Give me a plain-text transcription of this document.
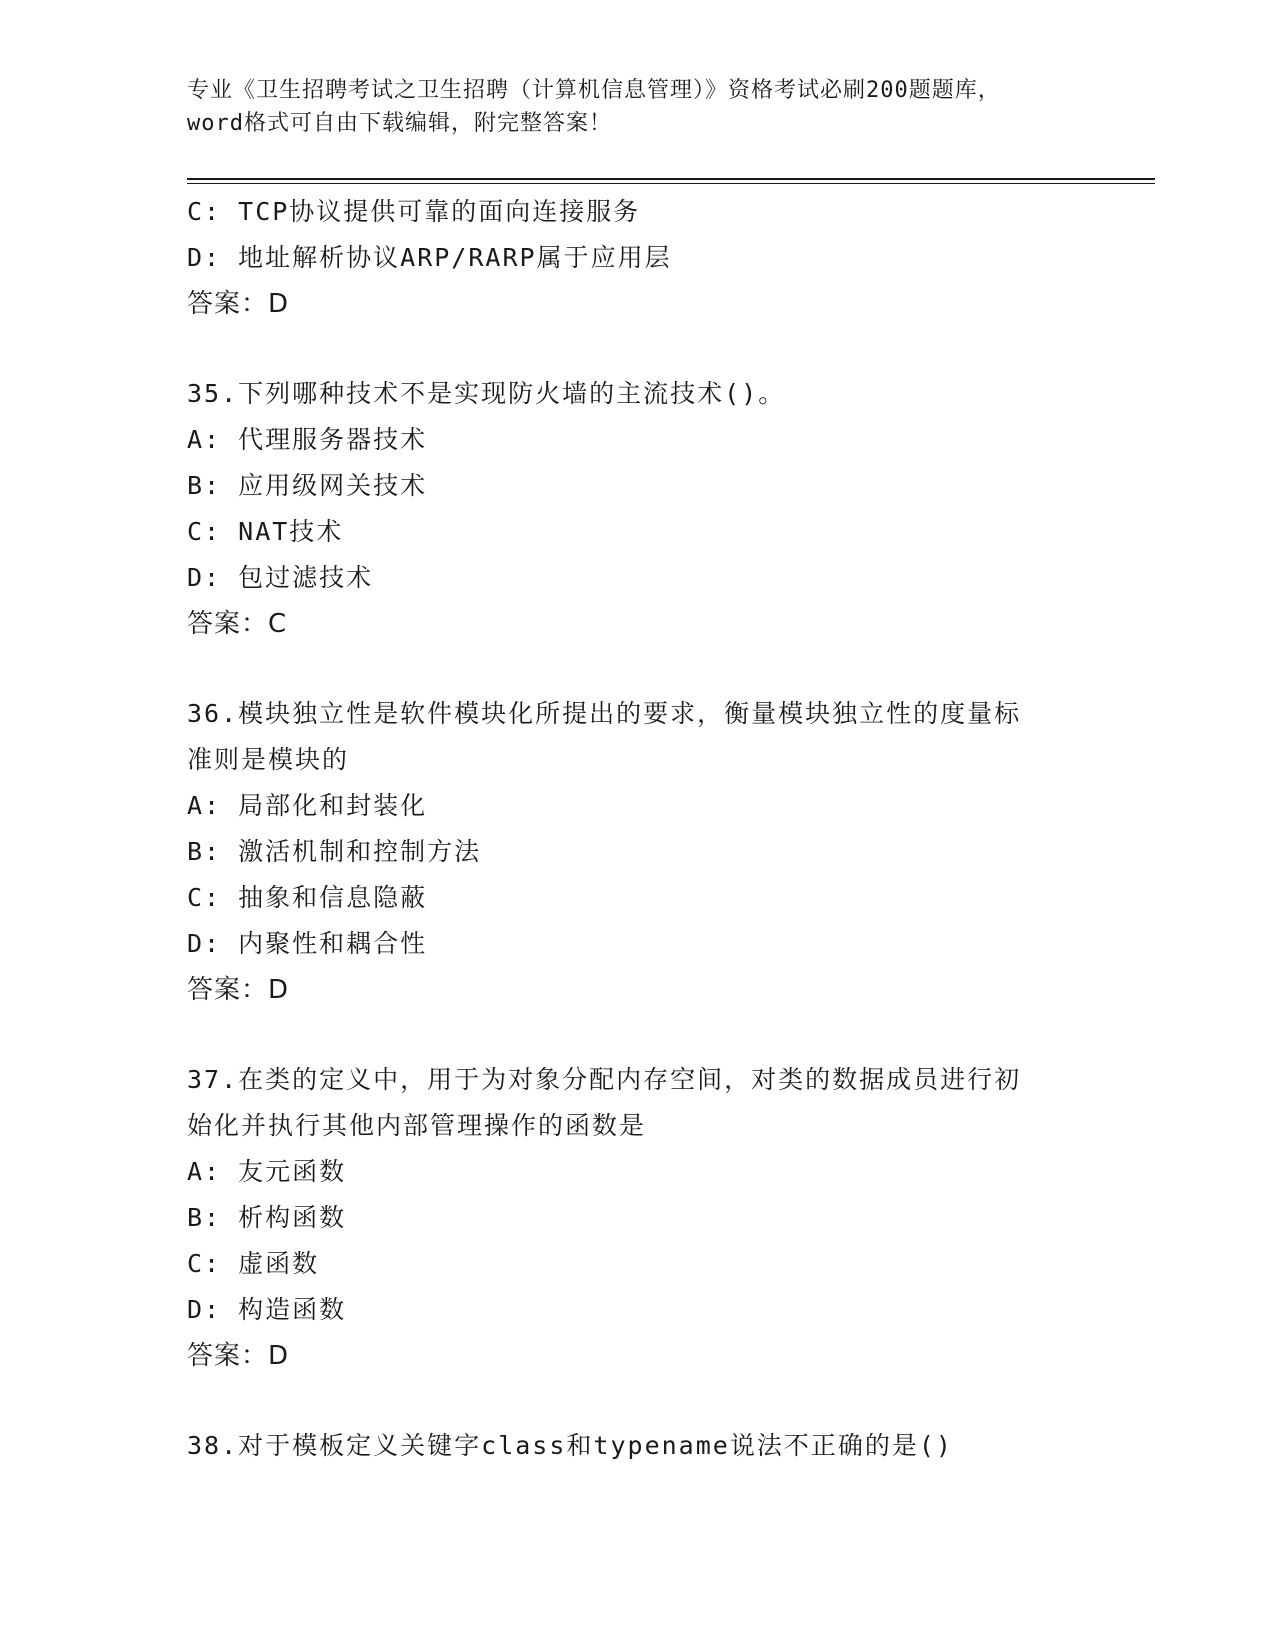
专业《卫生招聘考试之卫生招聘（计算机信息管理）》资格考试必刷200题题库，
word格式可自由下载编辑，附完整答案！
C: TCP协议提供可靠的面向连接服务
D: 地址解析协议ARP/RARP属于应用层
答案：D
35.下列哪种技术不是实现防火墙的主流技术()。
A: 代理服务器技术
B: 应用级网关技术
C: NAT技术
D: 包过滤技术
答案：C
36.模块独立性是软件模块化所提出的要求，衡量模块独立性的度量标
准则是模块的
A: 局部化和封装化
B: 激活机制和控制方法
C: 抽象和信息隐蔽
D: 内聚性和耦合性
答案：D
37.在类的定义中，用于为对象分配内存空间，对类的数据成员进行初
始化并执行其他内部管理操作的函数是
A: 友元函数
B: 析构函数
C: 虚函数
D: 构造函数
答案：D
38.对于模板定义关键字class和typename说法不正确的是()
